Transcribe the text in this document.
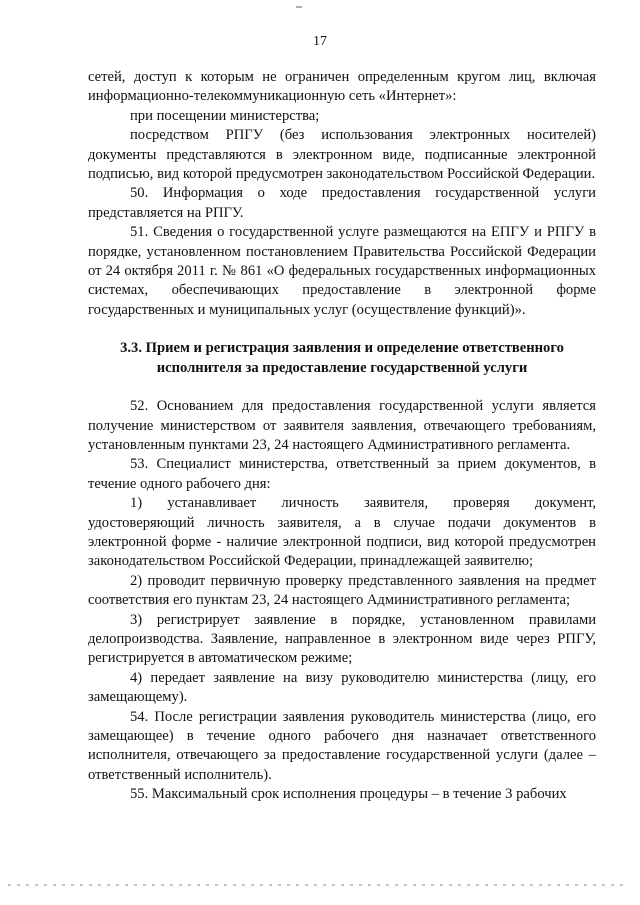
17

сетей, доступ к которым не ограничен определенным кругом лиц, включая информационно-телекоммуникационную сеть «Интернет»:

при посещении министерства;

посредством РПГУ (без использования электронных носителей) документы представляются в электронном виде, подписанные электронной подписью, вид которой предусмотрен законодательством Российской Федерации.

50. Информация о ходе предоставления государственной услуги представляется на РПГУ.

51. Сведения о государственной услуге размещаются на ЕПГУ и РПГУ в порядке, установленном постановлением Правительства Российской Федерации от 24 октября 2011 г. № 861 «О федеральных государственных информационных системах, обеспечивающих предоставление в электронной форме государственных и муниципальных услуг (осуществление функций)».

3.3. Прием и регистрация заявления и определение ответственного исполнителя за предоставление государственной услуги

52. Основанием для предоставления государственной услуги является получение министерством от заявителя заявления, отвечающего требованиям, установленным пунктами 23, 24 настоящего Административного регламента.

53. Специалист министерства, ответственный за прием документов, в течение одного рабочего дня:

1) устанавливает личность заявителя, проверяя документ, удостоверяющий личность заявителя, а в случае подачи документов в электронной форме - наличие электронной подписи, вид которой предусмотрен законодательством Российской Федерации, принадлежащей заявителю;

2) проводит первичную проверку представленного заявления на предмет соответствия его пунктам 23, 24 настоящего Административного регламента;

3) регистрирует заявление в порядке, установленном правилами делопроизводства. Заявление, направленное в электронном виде через РПГУ, регистрируется в автоматическом режиме;

4) передает заявление на визу руководителю министерства (лицу, его замещающему).

54. После регистрации заявления руководитель министерства (лицо, его замещающее) в течение одного рабочего дня назначает ответственного исполнителя, отвечающего за предоставление государственной услуги (далее – ответственный исполнитель).

55. Максимальный срок исполнения процедуры – в течение 3 рабочих
